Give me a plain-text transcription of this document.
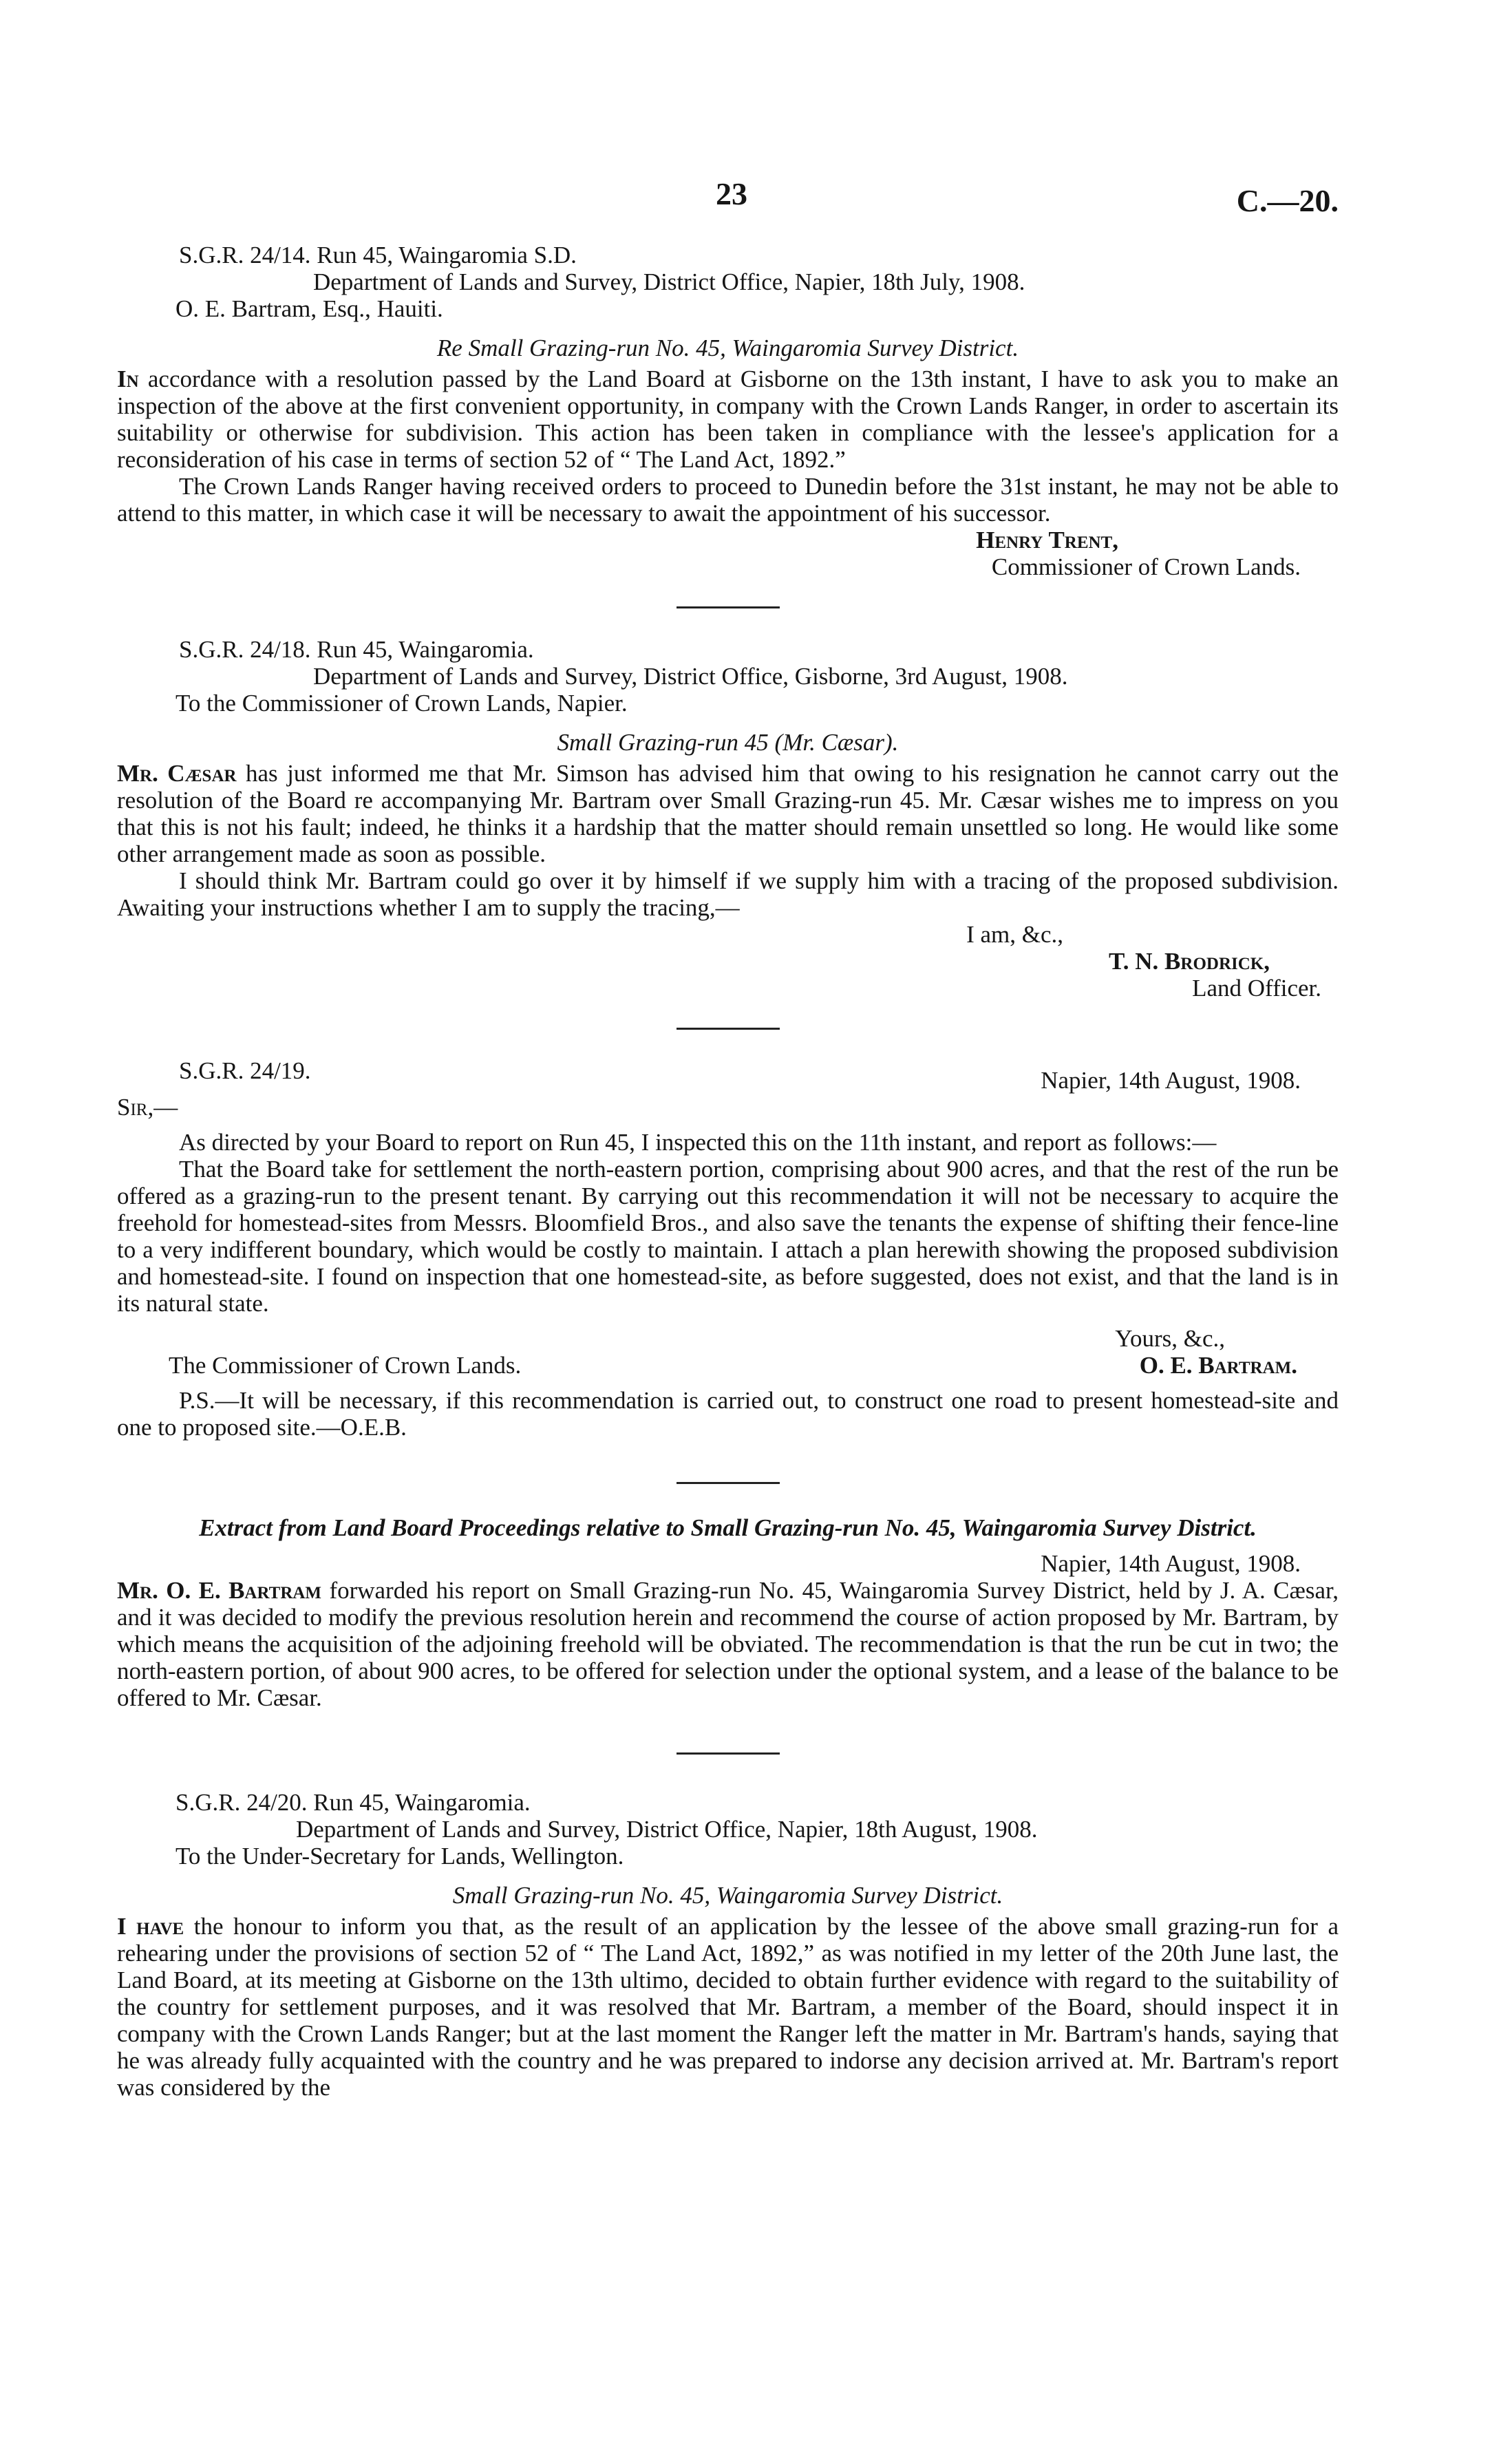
23	C.—20.

S.G.R. 24/14. Run 45, Waingaromia S.D.

Department of Lands and Survey, District Office, Napier, 18th July, 1908.

O. E. Bartram, Esq., Hauiti.

Re Small Grazing-run No. 45, Waingaromia Survey District.

In accordance with a resolution passed by the Land Board at Gisborne on the 13th instant, I have to ask you to make an inspection of the above at the first convenient opportunity, in company with the Crown Lands Ranger, in order to ascertain its suitability or otherwise for subdivision. This action has been taken in compliance with the lessee's application for a reconsideration of his case in terms of section 52 of “ The Land Act, 1892.”

The Crown Lands Ranger having received orders to proceed to Dunedin before the 31st instant, he may not be able to attend to this matter, in which case it will be necessary to await the appointment of his successor.

Henry Trent,

Commissioner of Crown Lands.

S.G.R. 24/18. Run 45, Waingaromia.

Department of Lands and Survey, District Office, Gisborne, 3rd August, 1908.

To the Commissioner of Crown Lands, Napier.

Small Grazing-run 45 (Mr. Cæsar).

Mr. Cæsar has just informed me that Mr. Simson has advised him that owing to his resignation he cannot carry out the resolution of the Board re accompanying Mr. Bartram over Small Grazing-run 45. Mr. Cæsar wishes me to impress on you that this is not his fault; indeed, he thinks it a hardship that the matter should remain unsettled so long. He would like some other arrangement made as soon as possible.

I should think Mr. Bartram could go over it by himself if we supply him with a tracing of the proposed subdivision. Awaiting your instructions whether I am to supply the tracing,—

I am, &c.,

T. N. Brodrick,

Land Officer.

S.G.R. 24/19.	Napier, 14th August, 1908.

Sir,—

As directed by your Board to report on Run 45, I inspected this on the 11th instant, and report as follows:—

That the Board take for settlement the north-eastern portion, comprising about 900 acres, and that the rest of the run be offered as a grazing-run to the present tenant. By carrying out this recommendation it will not be necessary to acquire the freehold for homestead-sites from Messrs. Bloomfield Bros., and also save the tenants the expense of shifting their fence-line to a very indifferent boundary, which would be costly to maintain. I attach a plan herewith showing the proposed subdivision and homestead-site. I found on inspection that one homestead-site, as before suggested, does not exist, and that the land is in its natural state.

Yours, &c.,

The Commissioner of Crown Lands.	O. E. Bartram.

P.S.—It will be necessary, if this recommendation is carried out, to construct one road to present homestead-site and one to proposed site.—O.E.B.

Extract from Land Board Proceedings relative to Small Grazing-run No. 45, Waingaromia Survey District.

Napier, 14th August, 1908.

Mr. O. E. Bartram forwarded his report on Small Grazing-run No. 45, Waingaromia Survey District, held by J. A. Cæsar, and it was decided to modify the previous resolution herein and recommend the course of action proposed by Mr. Bartram, by which means the acquisition of the adjoining freehold will be obviated. The recommendation is that the run be cut in two; the north-eastern portion, of about 900 acres, to be offered for selection under the optional system, and a lease of the balance to be offered to Mr. Cæsar.

S.G.R. 24/20. Run 45, Waingaromia.

Department of Lands and Survey, District Office, Napier, 18th August, 1908.

To the Under-Secretary for Lands, Wellington.

Small Grazing-run No. 45, Waingaromia Survey District.

I have the honour to inform you that, as the result of an application by the lessee of the above small grazing-run for a rehearing under the provisions of section 52 of “ The Land Act, 1892,” as was notified in my letter of the 20th June last, the Land Board, at its meeting at Gisborne on the 13th ultimo, decided to obtain further evidence with regard to the suitability of the country for settlement purposes, and it was resolved that Mr. Bartram, a member of the Board, should inspect it in company with the Crown Lands Ranger; but at the last moment the Ranger left the matter in Mr. Bartram's hands, saying that he was already fully acquainted with the country and he was prepared to indorse any decision arrived at. Mr. Bartram's report was considered by the
